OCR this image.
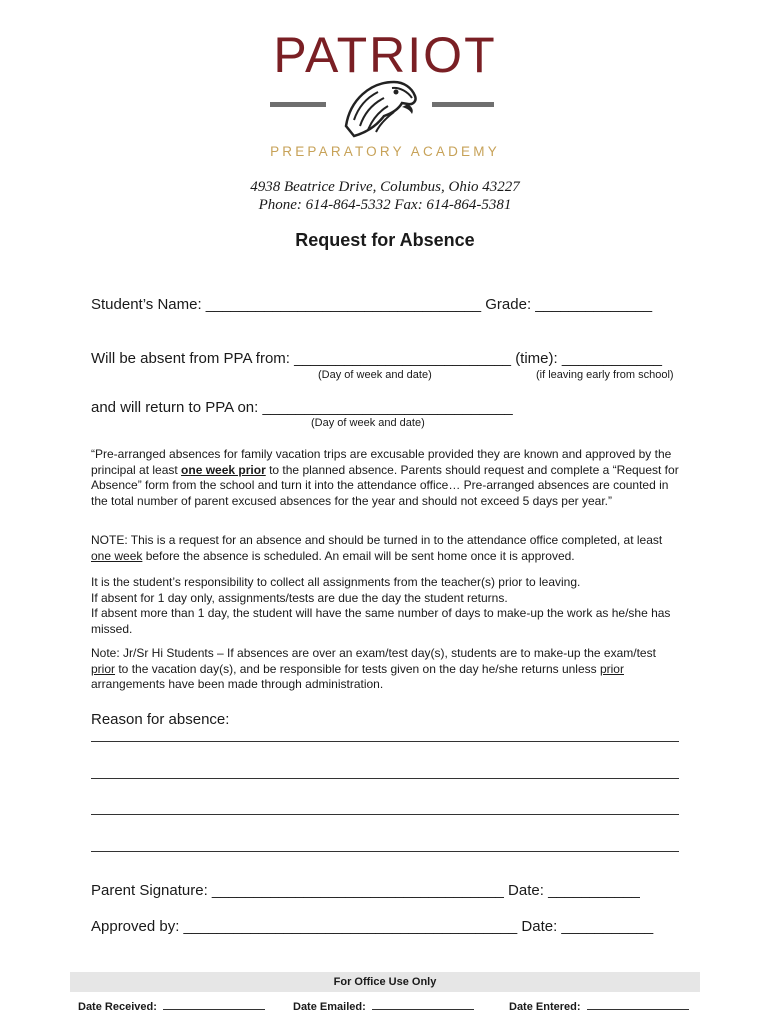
PATRIOT
PREPARATORY ACADEMY
4938 Beatrice Drive, Columbus, Ohio 43227
Phone: 614-864-5332 Fax: 614-864-5381
Request for Absence
Student’s Name: _________________________________ Grade: ______________
Will be absent from PPA from: __________________________ (time): ____________
(Day of week and date)	(if leaving early from school)
and will return to PPA on: ______________________________
(Day of week and date)

“Pre-arranged absences for family vacation trips are excusable provided they are known and approved by the principal at least one week prior to the planned absence. Parents should request and complete a “Request for Absence” form from the school and turn it into the attendance office… Pre-arranged absences are counted in the total number of parent excused absences for the year and should not exceed 5 days per year.”

NOTE: This is a request for an absence and should be turned in to the attendance office completed, at least one week before the absence is scheduled. An email will be sent home once it is approved.

It is the student’s responsibility to collect all assignments from the teacher(s) prior to leaving.

If absent for 1 day only, assignments/tests are due the day the student returns.

If absent more than 1 day, the student will have the same number of days to make-up the work as he/she has missed.

Note: Jr/Sr Hi Students – If absences are over an exam/test day(s), students are to make-up the exam/test prior to the vacation day(s), and be responsible for tests given on the day he/she returns unless prior arrangements have been made through administration.

Reason for absence:
Parent Signature: ___________________________________ Date: ___________
Approved by: ________________________________________ Date: ___________
For Office Use Only
Date Received:	Date Emailed:	Date Entered:
